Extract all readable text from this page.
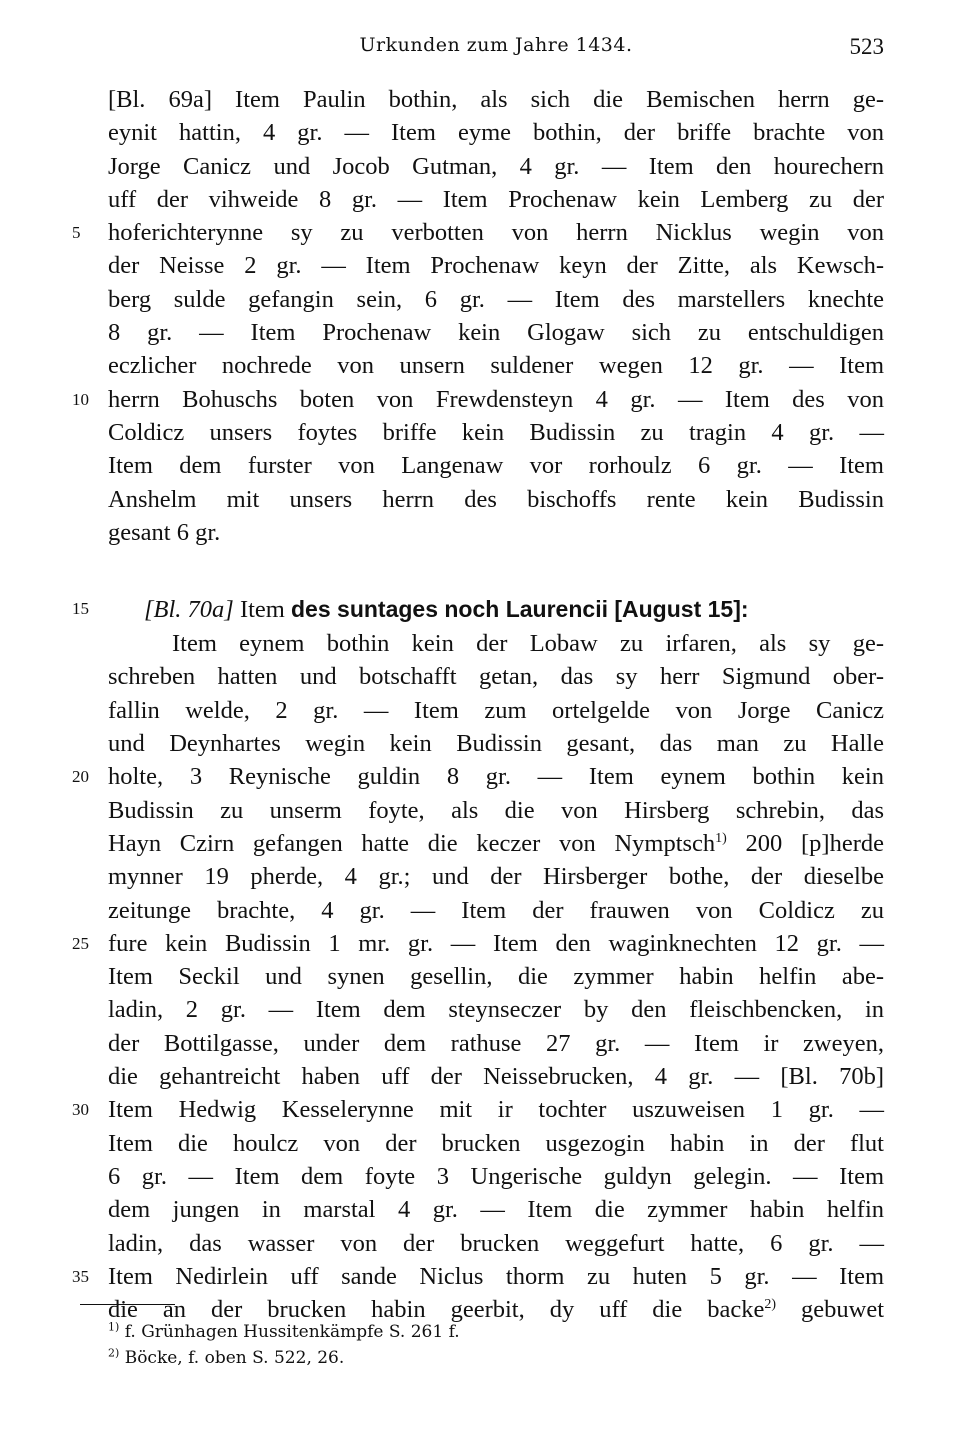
Urkunden zum Jahre 1434.	523
[Bl. 69a] Item Paulin bothin, als sich die Bemischen herrn ge-
eynit hattin, 4 gr. — Item eyme bothin, der briffe brachte von
Jorge Canicz und Jocob Gutman, 4 gr. — Item den hourechern
uff der vihweide 8 gr. — Item Prochenaw kein Lemberg zu der
5	hoferichterynne sy zu verbotten von herrn Nicklus wegin von
der Neisse 2 gr. — Item Prochenaw keyn der Zitte, als Kewsch-
berg sulde gefangin sein, 6 gr. — Item des marstellers knechte
8 gr. — Item Prochenaw kein Glogaw sich zu entschuldigen
eczlicher nochrede von unsern suldener wegen 12 gr. — Item
10 herrn Bohuschs boten von Frewdensteyn 4 gr. — Item des von
Coldicz unsers foytes briffe kein Budissin zu tragin 4 gr. —
Item dem furster von Langenaw vor rorhoulz 6 gr. — Item
Anshelm mit unsers herrn des bischoffs rente kein Budissin
gesant 6 gr.
15	[Bl. 70a] Item des suntages noch Laurencii [August 15]:
Item eynem bothin kein der Lobaw zu irfaren, als sy ge-
schreben hatten und botschafft getan, das sy herr Sigmund ober-
fallin welde, 2 gr. — Item zum ortelgelde von Jorge Canicz
und Deynhartes wegin kein Budissin gesant, das man zu Halle
20 holte, 3 Reynische guldin 8 gr. — Item eynem bothin kein
Budissin zu unserm foyte, als die von Hirsberg schrebin, das
Hayn Czirn gefangen hatte die keczer von Nymptsch$^{1)}$ 200 [p]herde
mynner 19 pherde, 4 gr.; und der Hirsberger bothe, der dieselbe
zeitunge brachte, 4 gr. — Item der frauwen von Coldicz zu
25 fure kein Budissin 1 mr. gr. — Item den waginknechten 12 gr. —
Item Seckil und synen gesellin, die zymmer habin helfin abe-
ladin, 2 gr. — Item dem steynseczer by den fleischbencken, in
der Bottilgasse, under dem rathuse 27 gr. — Item ir zweyen,
die gehantreicht haben uff der Neissebrucken, 4 gr. — [Bl. 70b]
30 Item Hedwig Kesselerynne mit ir tochter uszuweisen 1 gr. —
Item die houlcz von der brucken usgezogin habin in der flut
6 gr. — Item dem foyte 3 Ungerische guldyn gelegin. — Item
dem jungen in marstal 4 gr. — Item die zymmer habin helfin
ladin, das wasser von der brucken weggefurt hatte, 6 gr. —
35 Item Nedirlein uff sande Niclus thorm zu huten 5 gr. — Item
die an der brucken habin geerbit, dy uff die backe$^{2)}$ gebuwet
$^{1)}$ f. Grünhagen Hussitenkämpfe S. 261 f.
$^{2)}$ Böcke, f. oben S. 522, 26.
